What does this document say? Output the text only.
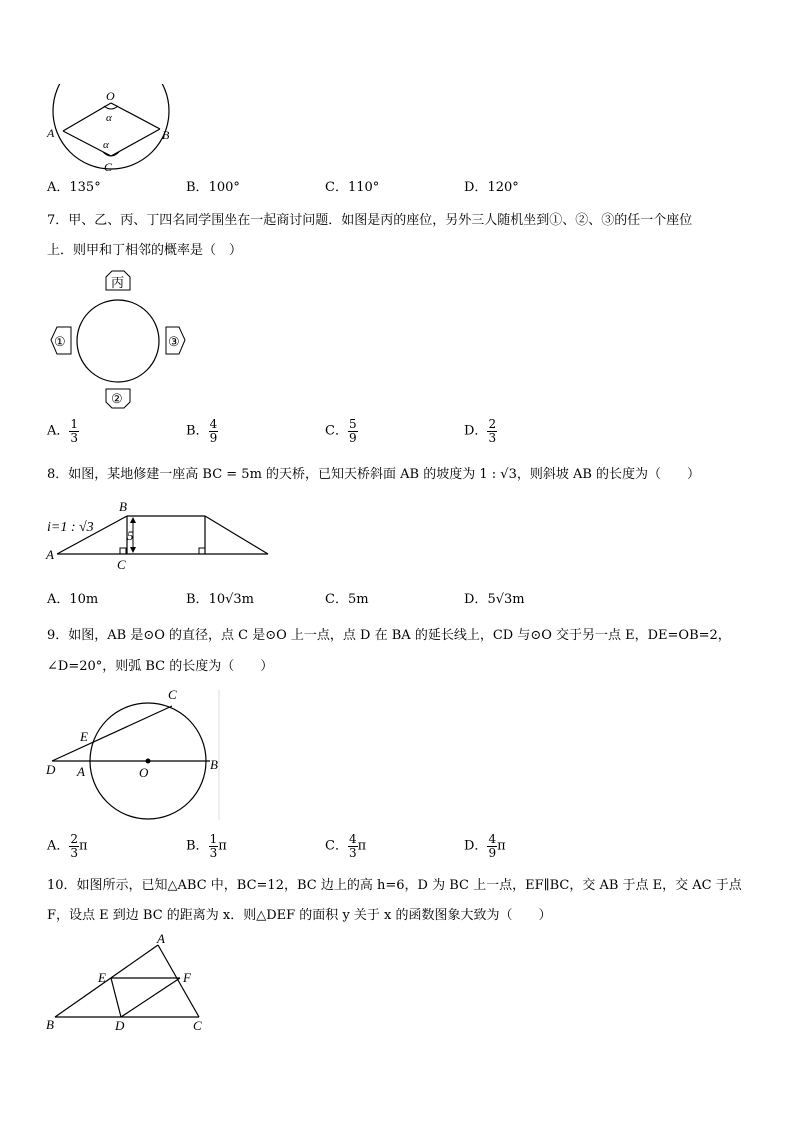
O
α
A	B
α
C
A．135°	B．100°	C．110°	D．120°
7．甲、乙、丙、丁四名同学围坐在一起商讨问题．如图是丙的座位，另外三人随机坐到①、②、③的任一个座位
上．则甲和丁相邻的概率是（　）
丙
①	③
②
A． $\frac{1}{3}$	B． $\frac{4}{9}$	C． $\frac{5}{9}$	D． $\frac{2}{3}$
8．如图，某地修建一座高 BC = 5m 的天桥，已知天桥斜面 AB 的坡度为 1 : √3，则斜坡 AB 的长度为（　　）
5
i=1 : √3
B
A
C
A．10m	B．10√3m	C．5m	D．5√3m
9．如图，AB 是⊙O 的直径，点 C 是⊙O 上一点，点 D 在 BA 的延长线上，CD 与⊙O 交于另一点 E，DE=OB=2，
∠D=20°，则弧 BC 的长度为（　　）
C
E
D A	O
B
A． $\frac{2}{3}$ π	B． $\frac{1}{3}$ π	C． $\frac{4}{3}$ π	D． $\frac{4}{9}$ π
10．如图所示，已知△ABC 中，BC=12，BC 边上的高 h=6，D 为 BC 上一点，EF∥BC，交 AB 于点 E，交 AC 于点
F，设点 E 到边 BC 的距离为 x．则△DEF 的面积 y 关于 x 的函数图象大致为（　　）
A
E	F
B	D	C
